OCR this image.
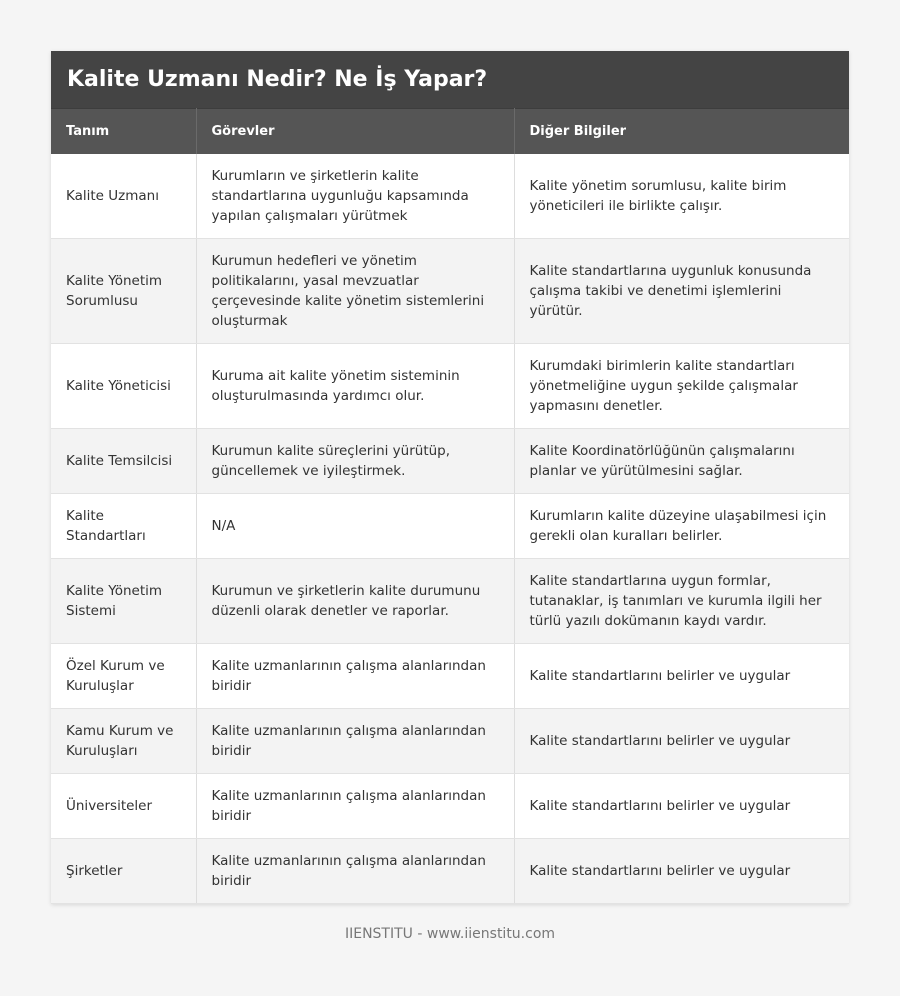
Kalite Uzmanı Nedir? Ne İş Yapar?
Tanım	Görevler	Diğer Bilgiler
Kalite Uzmanı	Kurumların ve şirketlerin kalite standartlarına uygunluğu kapsamında yapılan çalışmaları yürütmek	Kalite yönetim sorumlusu, kalite birim yöneticileri ile birlikte çalışır.
Kalite Yönetim Sorumlusu	Kurumun hedefleri ve yönetim politikalarını, yasal mevzuatlar çerçevesinde kalite yönetim sistemlerini oluşturmak	Kalite standartlarına uygunluk konusunda çalışma takibi ve denetimi işlemlerini yürütür.
Kalite Yöneticisi	Kuruma ait kalite yönetim sisteminin oluşturulmasında yardımcı olur.	Kurumdaki birimlerin kalite standartları yönetmeliğine uygun şekilde çalışmalar yapmasını denetler.
Kalite Temsilcisi	Kurumun kalite süreçlerini yürütüp, güncellemek ve iyileştirmek.	Kalite Koordinatörlüğünün çalışmalarını planlar ve yürütülmesini sağlar.
Kalite Standartları	N/A	Kurumların kalite düzeyine ulaşabilmesi için gerekli olan kuralları belirler.
Kalite Yönetim Sistemi	Kurumun ve şirketlerin kalite durumunu düzenli olarak denetler ve raporlar.	Kalite standartlarına uygun formlar, tutanaklar, iş tanımları ve kurumla ilgili her türlü yazılı dokümanın kaydı vardır.
Özel Kurum ve Kuruluşlar	Kalite uzmanlarının çalışma alanlarından biridir	Kalite standartlarını belirler ve uygular
Kamu Kurum ve Kuruluşları	Kalite uzmanlarının çalışma alanlarından biridir	Kalite standartlarını belirler ve uygular
Üniversiteler	Kalite uzmanlarının çalışma alanlarından biridir	Kalite standartlarını belirler ve uygular
Şirketler	Kalite uzmanlarının çalışma alanlarından biridir	Kalite standartlarını belirler ve uygular
IIENSTITU - www.iienstitu.com
